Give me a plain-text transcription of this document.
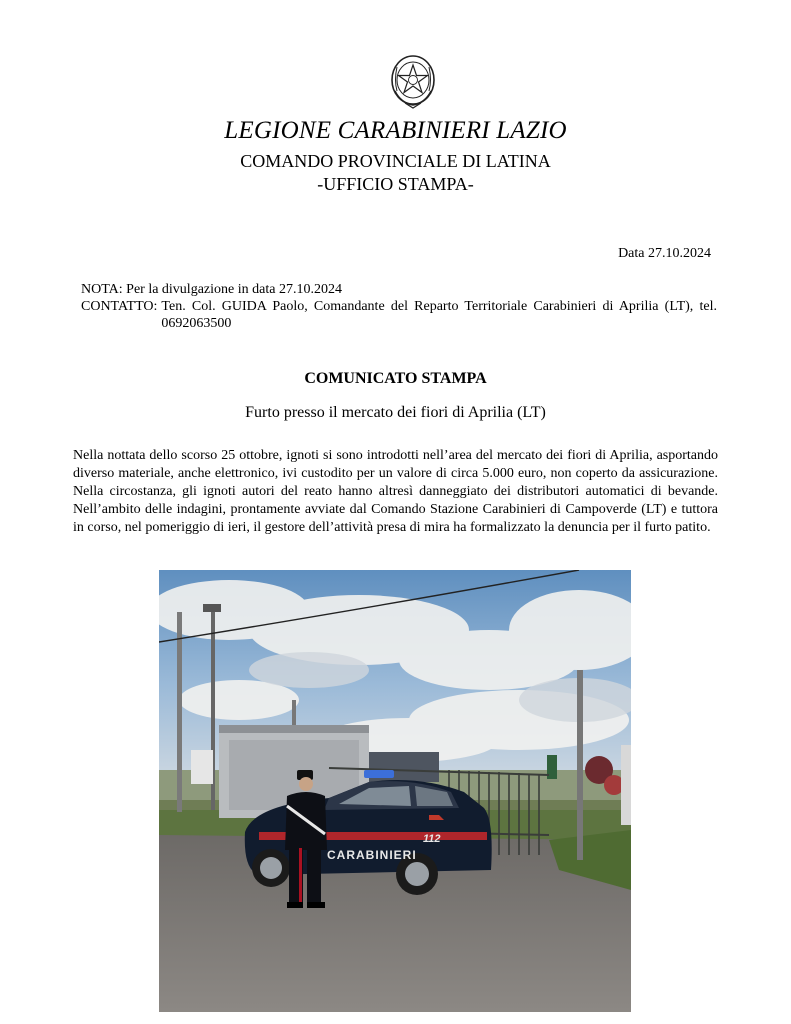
LEGIONE CARABINIERI LAZIO
COMANDO PROVINCIALE DI LATINA
-UFFICIO STAMPA-
Data 27.10.2024
NOTA:
Per la divulgazione in data 27.10.2024
CONTATTO: Ten. Col. GUIDA Paolo, Comandante del Reparto Territoriale Carabinieri di Aprilia (LT), tel. 0692063500
COMUNICATO STAMPA
Furto presso il mercato dei fiori di Aprilia (LT)
Nella nottata dello scorso 25 ottobre, ignoti si sono introdotti nell’area del mercato dei fiori di Aprilia, asportando diverso materiale, anche elettronico, ivi custodito per un valore di circa 5.000 euro, non coperto da assicurazione. Nella circostanza, gli ignoti autori del reato hanno altresì danneggiato dei distributori automatici di bevande. Nell’ambito delle indagini, prontamente avviate dal Comando Stazione Carabinieri di Campoverde (LT) e tuttora in corso, nel pomeriggio di ieri, il gestore dell’attività presa di mira ha formalizzato la denuncia per il furto patito.
CARABINIERI
112
